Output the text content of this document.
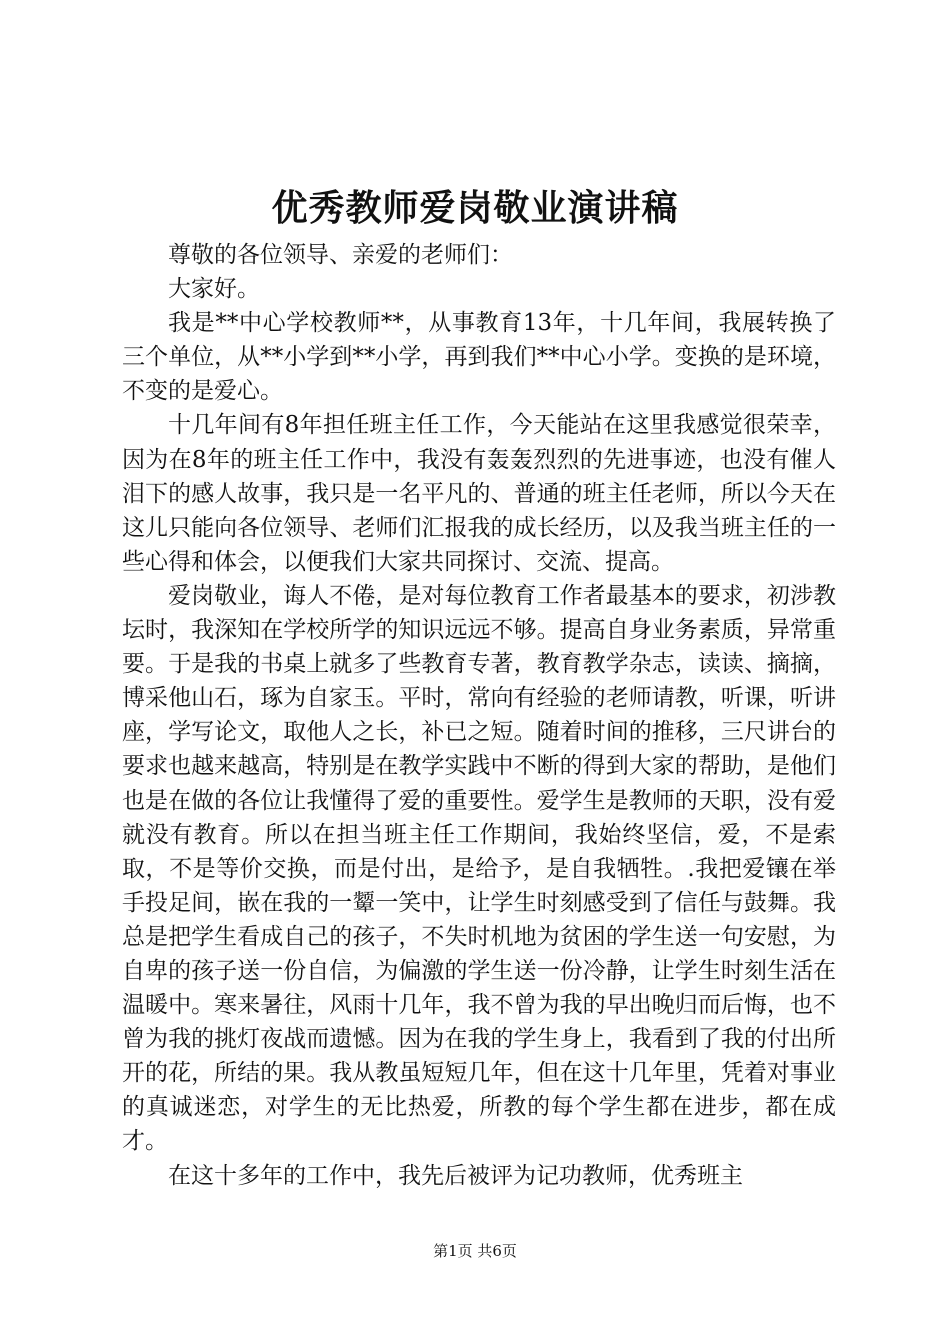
优秀教师爱岗敬业演讲稿

尊敬的各位领导、亲爱的老师们：

大家好。

我是**中心学校教师**，从事教育13年，十几年间，我展转换了三个单位，从**小学到**小学，再到我们**中心小学。变换的是环境，不变的是爱心。

十几年间有8年担任班主任工作，今天能站在这里我感觉很荣幸，因为在8年的班主任工作中，我没有轰轰烈烈的先进事迹，也没有催人泪下的感人故事，我只是一名平凡的、普通的班主任老师，所以今天在这儿只能向各位领导、老师们汇报我的成长经历，以及我当班主任的一些心得和体会，以便我们大家共同探讨、交流、提高。

爱岗敬业，诲人不倦，是对每位教育工作者最基本的要求，初涉教坛时，我深知在学校所学的知识远远不够。提高自身业务素质，异常重要。于是我的书桌上就多了些教育专著，教育教学杂志，读读、摘摘，博采他山石，琢为自家玉。平时，常向有经验的老师请教，听课，听讲座，学写论文，取他人之长，补已之短。随着时间的推移，三尺讲台的要求也越来越高，特别是在教学实践中不断的得到大家的帮助，是他们也是在做的各位让我懂得了爱的重要性。爱学生是教师的天职，没有爱就没有教育。所以在担当班主任工作期间，我始终坚信，爱，不是索取，不是等价交换，而是付出，是给予，是自我牺牲。.我把爱镶在举手投足间，嵌在我的一颦一笑中，让学生时刻感受到了信任与鼓舞。我总是把学生看成自己的孩子，不失时机地为贫困的学生送一句安慰，为自卑的孩子送一份自信，为偏激的学生送一份冷静，让学生时刻生活在温暖中。寒来暑往，风雨十几年，我不曾为我的早出晚归而后悔，也不曾为我的挑灯夜战而遗憾。因为在我的学生身上，我看到了我的付出所开的花，所结的果。我从教虽短短几年，但在这十几年里，凭着对事业的真诚迷恋，对学生的无比热爱，所教的每个学生都在进步，都在成才。

在这十多年的工作中，我先后被评为记功教师，优秀班主

第1页 共6页
